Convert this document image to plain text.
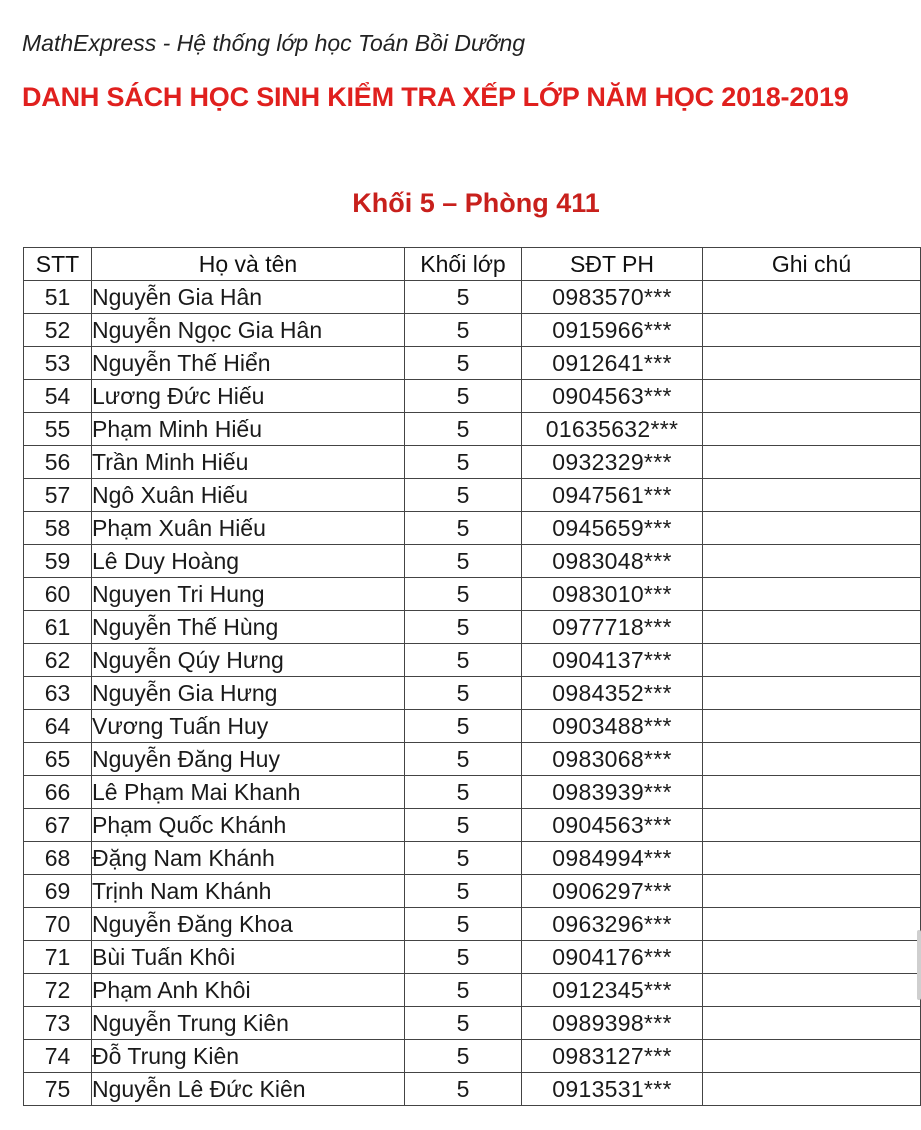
MathExpress - Hệ thống lớp học Toán Bồi Dưỡng
DANH SÁCH HỌC SINH KIỂM TRA XẾP LỚP NĂM HỌC 2018-2019
Khối 5 – Phòng 411
STT	Họ và tên	Khối lớp	SĐT PH	Ghi chú
51	Nguyễn Gia Hân	5	0983570***	
52	Nguyễn Ngọc Gia Hân	5	0915966***	
53	Nguyễn Thế Hiển	5	0912641***	
54	Lương Đức Hiếu	5	0904563***	
55	Phạm Minh Hiếu	5	01635632***	
56	Trần Minh Hiếu	5	0932329***	
57	Ngô Xuân Hiếu	5	0947561***	
58	Phạm Xuân Hiếu	5	0945659***	
59	Lê Duy Hoàng	5	0983048***	
60	Nguyen Tri Hung	5	0983010***	
61	Nguyễn Thế Hùng	5	0977718***	
62	Nguyễn Qúy Hưng	5	0904137***	
63	Nguyễn Gia Hưng	5	0984352***	
64	Vương Tuấn Huy	5	0903488***	
65	Nguyễn Đăng Huy	5	0983068***	
66	Lê Phạm Mai Khanh	5	0983939***	
67	Phạm Quốc Khánh	5	0904563***	
68	Đặng Nam Khánh	5	0984994***	
69	Trịnh Nam Khánh	5	0906297***	
70	Nguyễn Đăng Khoa	5	0963296***	
71	Bùi Tuấn Khôi	5	0904176***	
72	Phạm Anh Khôi	5	0912345***	
73	Nguyễn Trung Kiên	5	0989398***	
74	Đỗ Trung Kiên	5	0983127***	
75	Nguyễn Lê Đức Kiên	5	0913531***	
